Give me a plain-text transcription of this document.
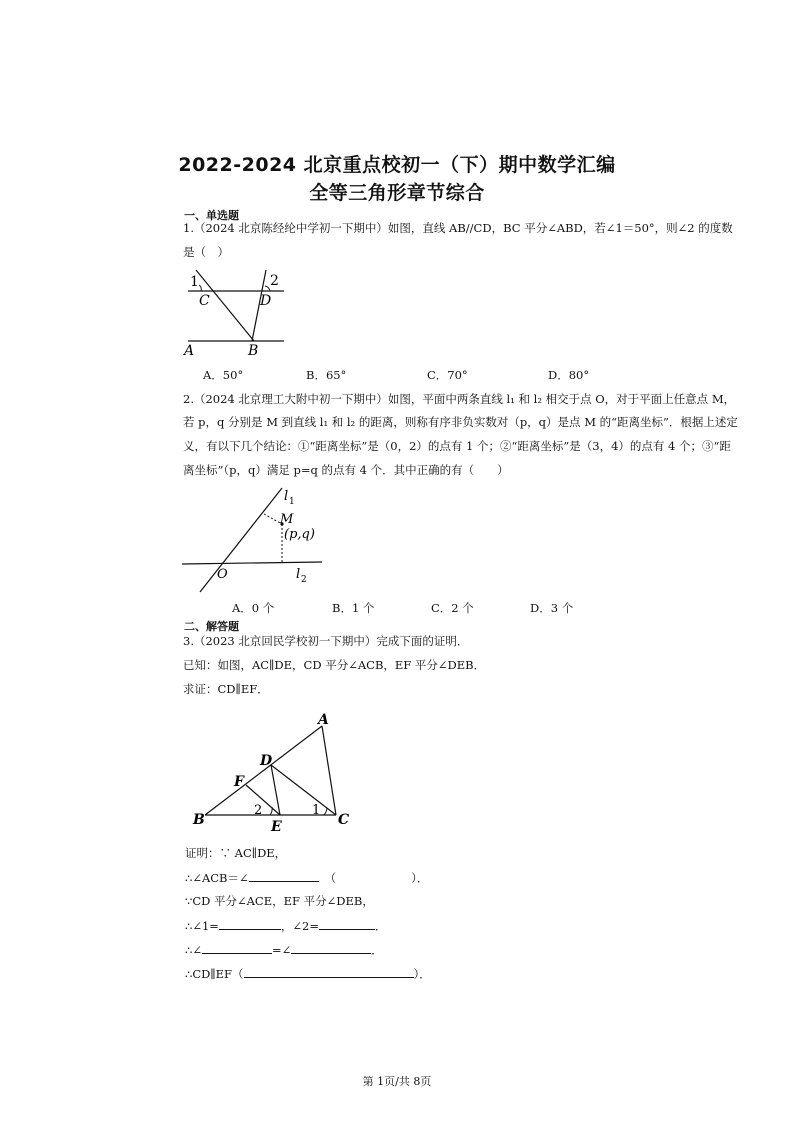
2022-2024 北京重点校初一（下）期中数学汇编
全等三角形章节综合
一、单选题
1.（2024 北京陈经纶中学初一下期中）如图，直线 AB//CD，BC 平分∠ABD，若∠1＝50°，则∠2 的度数
是（　）
1	2
C	D
A	B
A．50°	B．65°	C．70°	D．80°
2.（2024 北京理工大附中初一下期中）如图，平面中两条直线 l₁ 和 l₂ 相交于点 O，对于平面上任意点 M，
若 p，q 分别是 M 到直线 l₁ 和 l₂ 的距离，则称有序非负实数对（p，q）是点 M 的“距离坐标”．根据上述定
义，有以下几个结论：①“距离坐标”是（0，2）的点有 1 个；②“距离坐标”是（3，4）的点有 4 个；③“距
离坐标”（p，q）满足 p=q 的点有 4 个．其中正确的有（　　）
l 1
M
(p,q)
O	l 2
A．0 个	B．1 个	C．2 个	D．3 个
二、解答题
3.（2023 北京回民学校初一下期中）完成下面的证明．
已知：如图，AC∥DE，CD 平分∠ACB，EF 平分∠DEB．
求证：CD∥EF．
A
D
F
B	E	C
1
2
证明：∵ AC∥DE，
∴∠ACB＝∠	（	）．
∵CD 平分∠ACE，EF 平分∠DEB，
∴∠1=	，∠2=	．
∴∠	=∠	．
∴CD∥EF（	）．
第 1页/共 8页
